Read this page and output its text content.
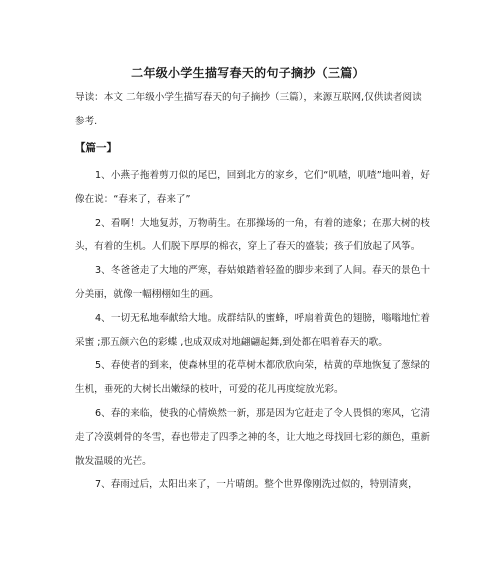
二年级小学生描写春天的句子摘抄（三篇）

导读：本文 二年级小学生描写春天的句子摘抄（三篇），来源互联网,仅供读者阅读参考.

【篇一】

1、小燕子拖着剪刀似的尾巴，回到北方的家乡，它们“叽喳，叽喳”地叫着，好像在说：“春来了，春来了”

2、看啊！大地复苏，万物萌生。在那操场的一角，有着的迹象；在那大树的枝头，有着的生机。人们脱下厚厚的棉衣，穿上了春天的盛装；孩子们放起了风筝。

3、冬爸爸走了大地的严寒，春姑娘踏着轻盈的脚步来到了人间。春天的景色十分美丽，就像一幅栩栩如生的画。

4、一切无私地奉献给大地。成群结队的蜜蜂，呼扇着黄色的翅膀，嗡嗡地忙着采蜜 ;那五颜六色的彩蝶 ,也成双成对地翩翩起舞,到处都在唱着春天的歌。

5、春使者的到来，使森林里的花草树木都欣欣向荣，枯黄的草地恢复了葱绿的生机，垂死的大树长出嫩绿的枝叶，可爱的花儿再度绽放光彩。

6、春的来临，使我的心情焕然一新，那是因为它赶走了令人畏惧的寒风，它清走了冷漠刺骨的冬雪，春也带走了四季之神的冬，让大地之母找回七彩的颜色，重新散发温暖的光芒。

7、春雨过后，太阳出来了，一片晴朗。整个世界像刚洗过似的，特别清爽，
